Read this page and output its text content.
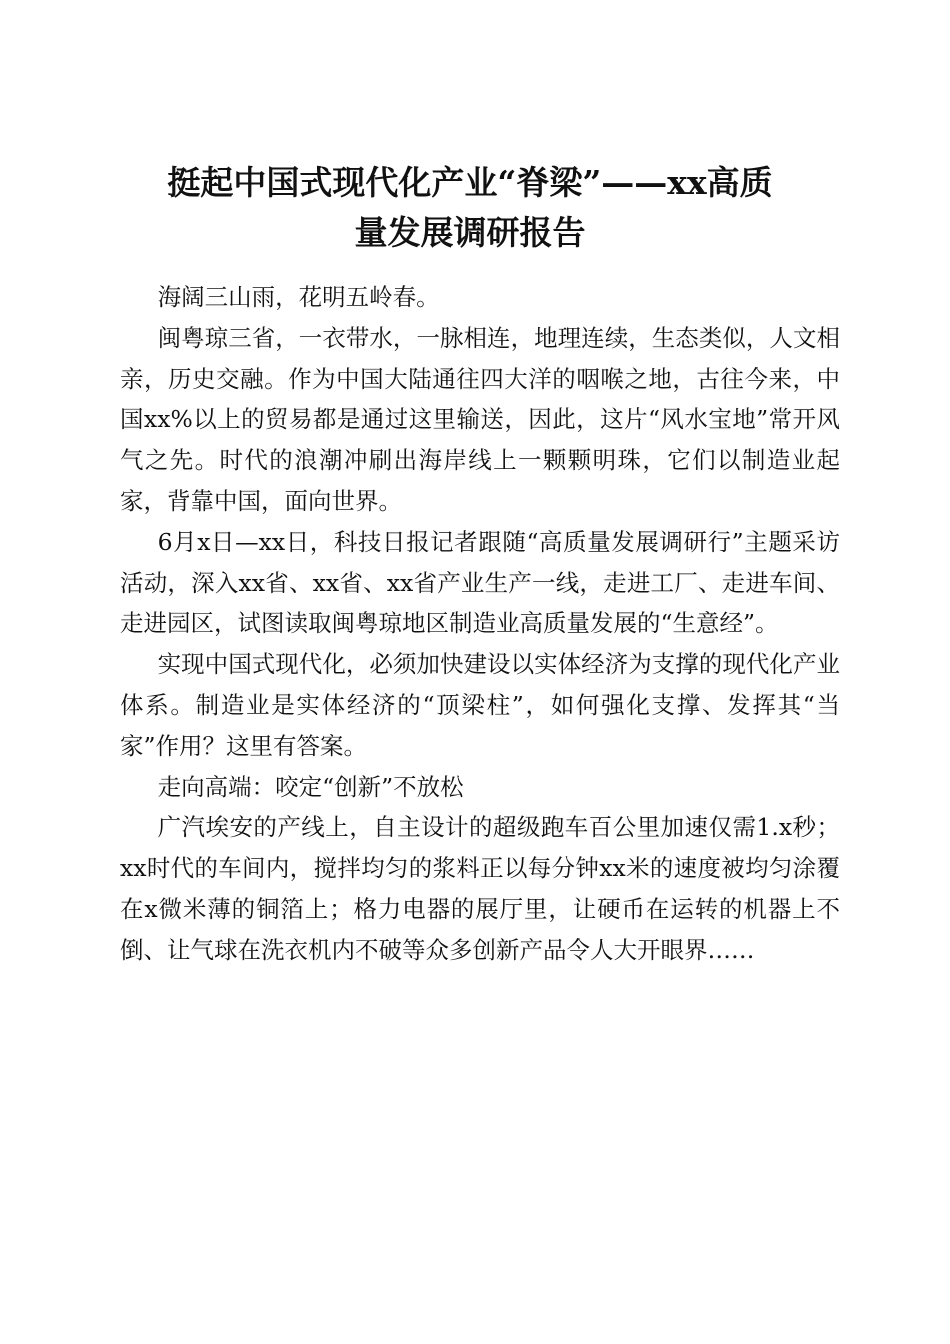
挺起中国式现代化产业“脊梁”——xx高质
量发展调研报告

海阔三山雨，花明五岭春。

闽粤琼三省，一衣带水，一脉相连，地理连续，生态类似，人文相亲，历史交融。作为中国大陆通往四大洋的咽喉之地，古往今来，中国xx%以上的贸易都是通过这里输送，因此，这片“风水宝地”常开风气之先。时代的浪潮冲刷出海岸线上一颗颗明珠，它们以制造业起家，背靠中国，面向世界。

6月x日—xx日，科技日报记者跟随“高质量发展调研行”主题采访活动，深入xx省、xx省、xx省产业生产一线，走进工厂、走进车间、走进园区，试图读取闽粤琼地区制造业高质量发展的“生意经”。

实现中国式现代化，必须加快建设以实体经济为支撑的现代化产业体系。制造业是实体经济的“顶梁柱”，如何强化支撑、发挥其“当家”作用？这里有答案。

走向高端：咬定“创新”不放松

广汽埃安的产线上，自主设计的超级跑车百公里加速仅需1.x秒；xx时代的车间内，搅拌均匀的浆料正以每分钟xx米的速度被均匀涂覆在x微米薄的铜箔上；格力电器的展厅里，让硬币在运转的机器上不倒、让气球在洗衣机内不破等众多创新产品令人大开眼界……
